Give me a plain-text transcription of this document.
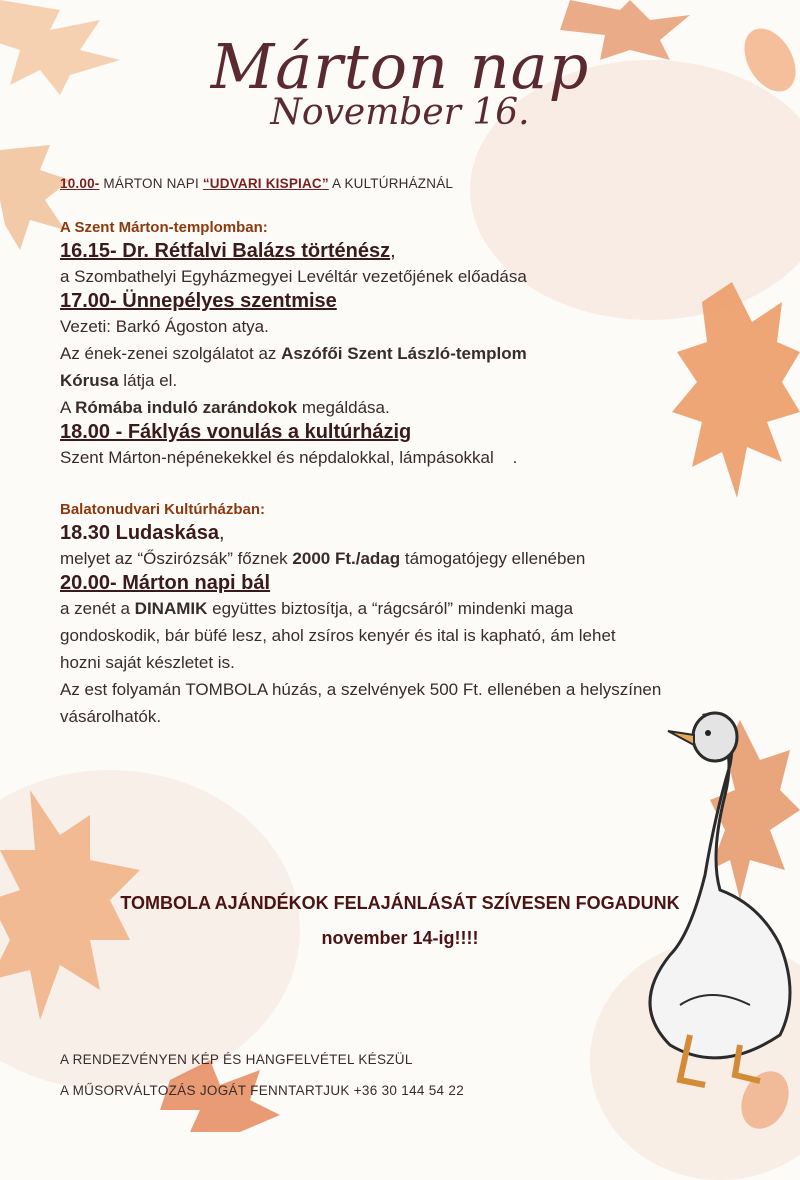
Márton nap
November 16.
10.00- MÁRTON NAPI “UDVARI KISPIAC” A KULTÚRHÁZNÁL
A Szent Márton-templomban:
16.15- Dr. Rétfalvi Balázs történész,
a Szombathelyi Egyházmegyei Levéltár vezetőjének előadása
17.00- Ünnepélyes szentmise
Vezeti: Barkó Ágoston atya.
Az ének-zenei szolgálatot az Aszófői Szent László-templom
Kórusa látja el.
A Rómába induló zarándokok megáldása.
18.00 - Fáklyás vonulás a kultúrházig
Szent Márton-népénekekkel és népdalokkal, lámpásokkal    .
Balatonudvari Kultúrházban:
18.30 Ludaskása,
melyet az “Őszirózsák” főznek 2000 Ft./adag támogatójegy ellenében
20.00- Márton napi bál
a zenét a DINAMIK együttes biztosítja, a “rágcsáról” mindenki maga
gondoskodik, bár büfé lesz, ahol zsíros kenyér és ital is kapható, ám lehet
hozni saját készletet is.
Az est folyamán TOMBOLA húzás, a szelvények 500 Ft. ellenében a helyszínen
vásárolhatók.
TOMBOLA AJÁNDÉKOK FELAJÁNLÁSÁT SZÍVESEN FOGADUNK
november 14-ig!!!!
A RENDEZVÉNYEN KÉP ÉS HANGFELVÉTEL KÉSZÜL
A MŰSORVÁLTOZÁS JOGÁT FENNTARTJUK +36 30 144 54 22
